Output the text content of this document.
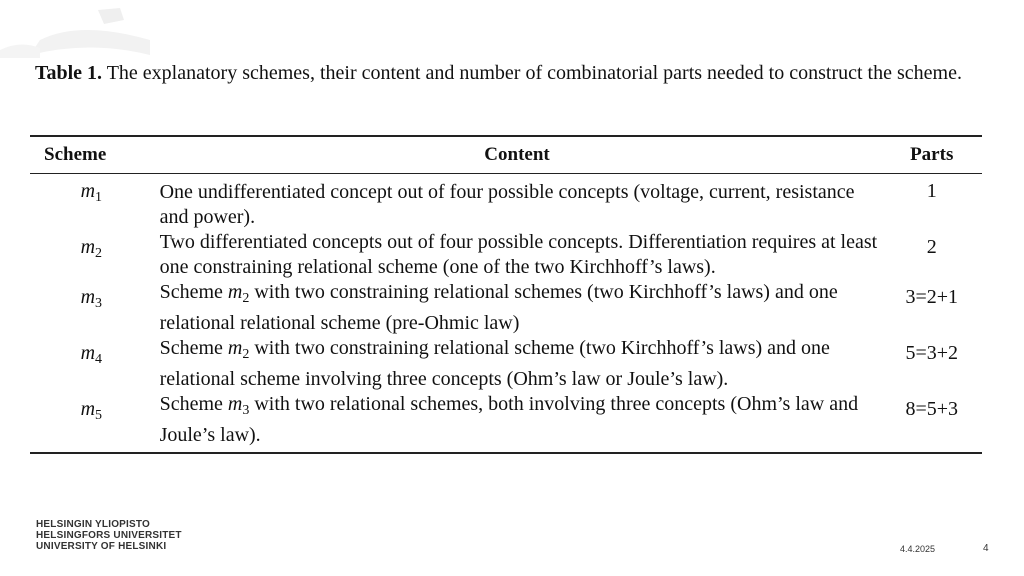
Table 1. The explanatory schemes, their content and number of combinatorial parts needed to construct the scheme.
Scheme	Content	Parts
$m_1$	One undifferentiated concept out of four possible concepts (voltage, current, resistance and power).	1
$m_2$	Two differentiated concepts out of four possible concepts. Differentiation requires at least one constraining relational scheme (one of the two Kirchhoff’s laws).	2
$m_3$	Scheme $m_2$ with two constraining relational schemes (two Kirchhoff’s laws) and one relational relational scheme (pre-Ohmic law)	3=2+1
$m_4$	Scheme $m_2$ with two constraining relational scheme (two Kirchhoff’s laws) and one relational scheme involving three concepts (Ohm’s law or Joule’s law).	5=3+2
$m_5$	Scheme $m_3$ with two relational schemes, both involving three concepts (Ohm’s law and Joule’s law).	8=5+3
HELSINGIN YLIOPISTO
HELSINGFORS UNIVERSITET
UNIVERSITY OF HELSINKI	4.4.2025	4
